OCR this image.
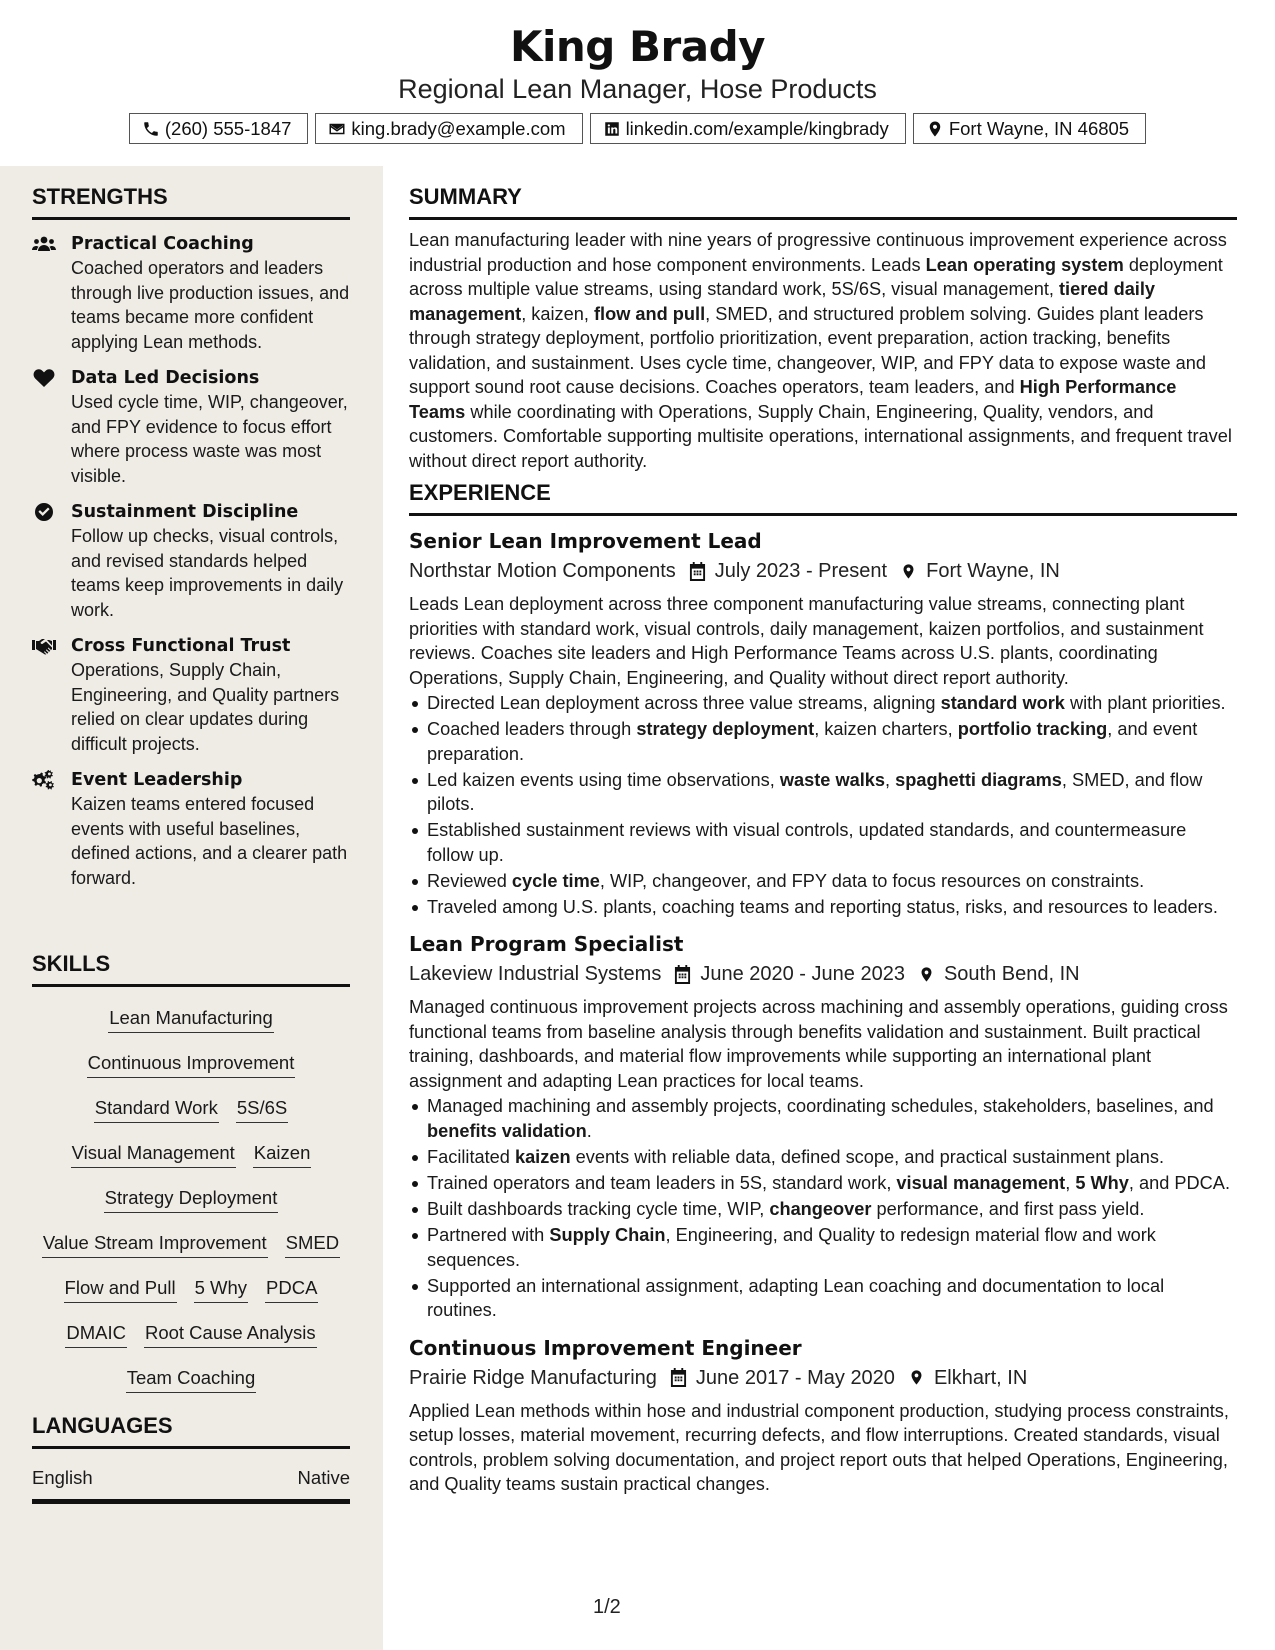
King Brady
Regional Lean Manager, Hose Products
(260) 555-1847	king.brady@example.com	linkedin.com/example/kingbrady	Fort Wayne, IN 46805
STRENGTHS
Practical Coaching
Coached operators and leaders through live production issues, and teams became more confident applying Lean methods.
Data Led Decisions
Used cycle time, WIP, changeover, and FPY evidence to focus effort where process waste was most visible.
Sustainment Discipline
Follow up checks, visual controls, and revised standards helped teams keep improvements in daily work.
Cross Functional Trust
Operations, Supply Chain, Engineering, and Quality partners relied on clear updates during difficult projects.
Event Leadership
Kaizen teams entered focused events with useful baselines, defined actions, and a clearer path forward.
SKILLS
Lean Manufacturing
Continuous Improvement
Standard Work 5S/6S
Visual Management Kaizen
Strategy Deployment
Value Stream Improvement SMED
Flow and Pull 5 Why PDCA
DMAIC Root Cause Analysis
Team Coaching
LANGUAGES
English	Native
SUMMARY
Lean manufacturing leader with nine years of progressive continuous improvement experience across industrial production and hose component environments. Leads Lean operating system deployment across multiple value streams, using standard work, 5S/6S, visual management, tiered daily management, kaizen, flow and pull, SMED, and structured problem solving. Guides plant leaders through strategy deployment, portfolio prioritization, event preparation, action tracking, benefits validation, and sustainment. Uses cycle time, changeover, WIP, and FPY data to expose waste and support sound root cause decisions. Coaches operators, team leaders, and High Performance Teams while coordinating with Operations, Supply Chain, Engineering, Quality, vendors, and customers. Comfortable supporting multisite operations, international assignments, and frequent travel without direct report authority.
EXPERIENCE
Senior Lean Improvement Lead
Northstar Motion Components July 2023 - Present Fort Wayne, IN
Leads Lean deployment across three component manufacturing value streams, connecting plant priorities with standard work, visual controls, daily management, kaizen portfolios, and sustainment reviews. Coaches site leaders and High Performance Teams across U.S. plants, coordinating Operations, Supply Chain, Engineering, and Quality without direct report authority.
Directed Lean deployment across three value streams, aligning standard work with plant priorities.
Coached leaders through strategy deployment, kaizen charters, portfolio tracking, and event preparation.
Led kaizen events using time observations, waste walks, spaghetti diagrams, SMED, and flow pilots.
Established sustainment reviews with visual controls, updated standards, and countermeasure follow up.
Reviewed cycle time, WIP, changeover, and FPY data to focus resources on constraints.
Traveled among U.S. plants, coaching teams and reporting status, risks, and resources to leaders.
Lean Program Specialist
Lakeview Industrial Systems June 2020 - June 2023 South Bend, IN
Managed continuous improvement projects across machining and assembly operations, guiding cross functional teams from baseline analysis through benefits validation and sustainment. Built practical training, dashboards, and material flow improvements while supporting an international plant assignment and adapting Lean practices for local teams.
Managed machining and assembly projects, coordinating schedules, stakeholders, baselines, and benefits validation.
Facilitated kaizen events with reliable data, defined scope, and practical sustainment plans.
Trained operators and team leaders in 5S, standard work, visual management, 5 Why, and PDCA.
Built dashboards tracking cycle time, WIP, changeover performance, and first pass yield.
Partnered with Supply Chain, Engineering, and Quality to redesign material flow and work sequences.
Supported an international assignment, adapting Lean coaching and documentation to local routines.
Continuous Improvement Engineer
Prairie Ridge Manufacturing June 2017 - May 2020 Elkhart, IN
Applied Lean methods within hose and industrial component production, studying process constraints, setup losses, material movement, recurring defects, and flow interruptions. Created standards, visual controls, problem solving documentation, and project report outs that helped Operations, Engineering, and Quality teams sustain practical changes.
1/2
